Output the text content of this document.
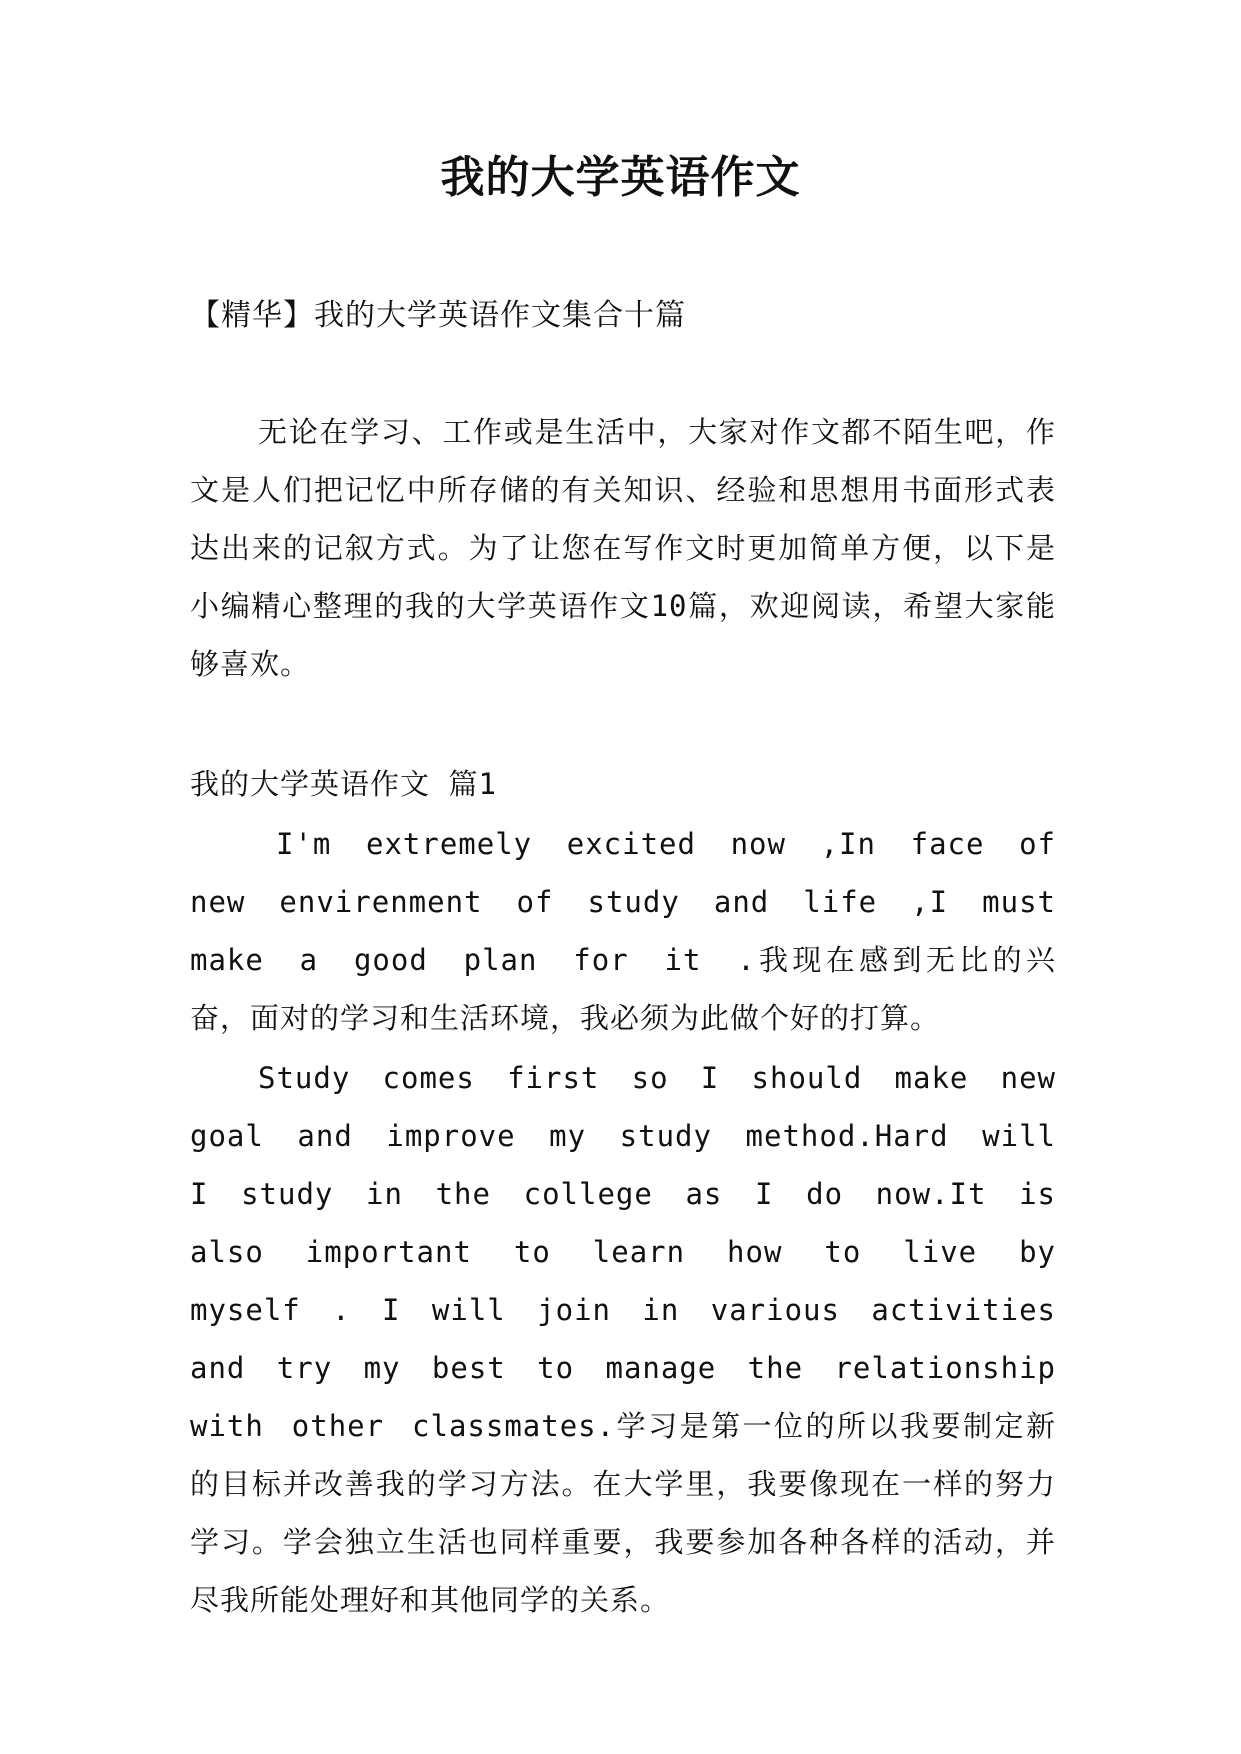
我的大学英语作文

【精华】我的大学英语作文集合十篇

无论在学习、工作或是生活中，大家对作文都不陌生吧，作文是人们把记忆中所存储的有关知识、经验和思想用书面形式表达出来的记叙方式。为了让您在写作文时更加简单方便，以下是小编精心整理的我的大学英语作文10篇，欢迎阅读，希望大家能够喜欢。

我的大学英语作文 篇1

I'm extremely excited now ,In face of new envirenment of study and life ,I must make a good plan for it .我现在感到无比的兴奋，面对的学习和生活环境，我必须为此做个好的打算。

Study comes first so I should make new goal and improve my study method.Hard will I study in the college as I do now.It is also important to learn how to live by myself . I will join in various activities and try my best to manage the relationship with other classmates.学习是第一位的所以我要制定新的目标并改善我的学习方法。在大学里，我要像现在一样的努力学习。学会独立生活也同样重要，我要参加各种各样的活动，并尽我所能处理好和其他同学的关系。
